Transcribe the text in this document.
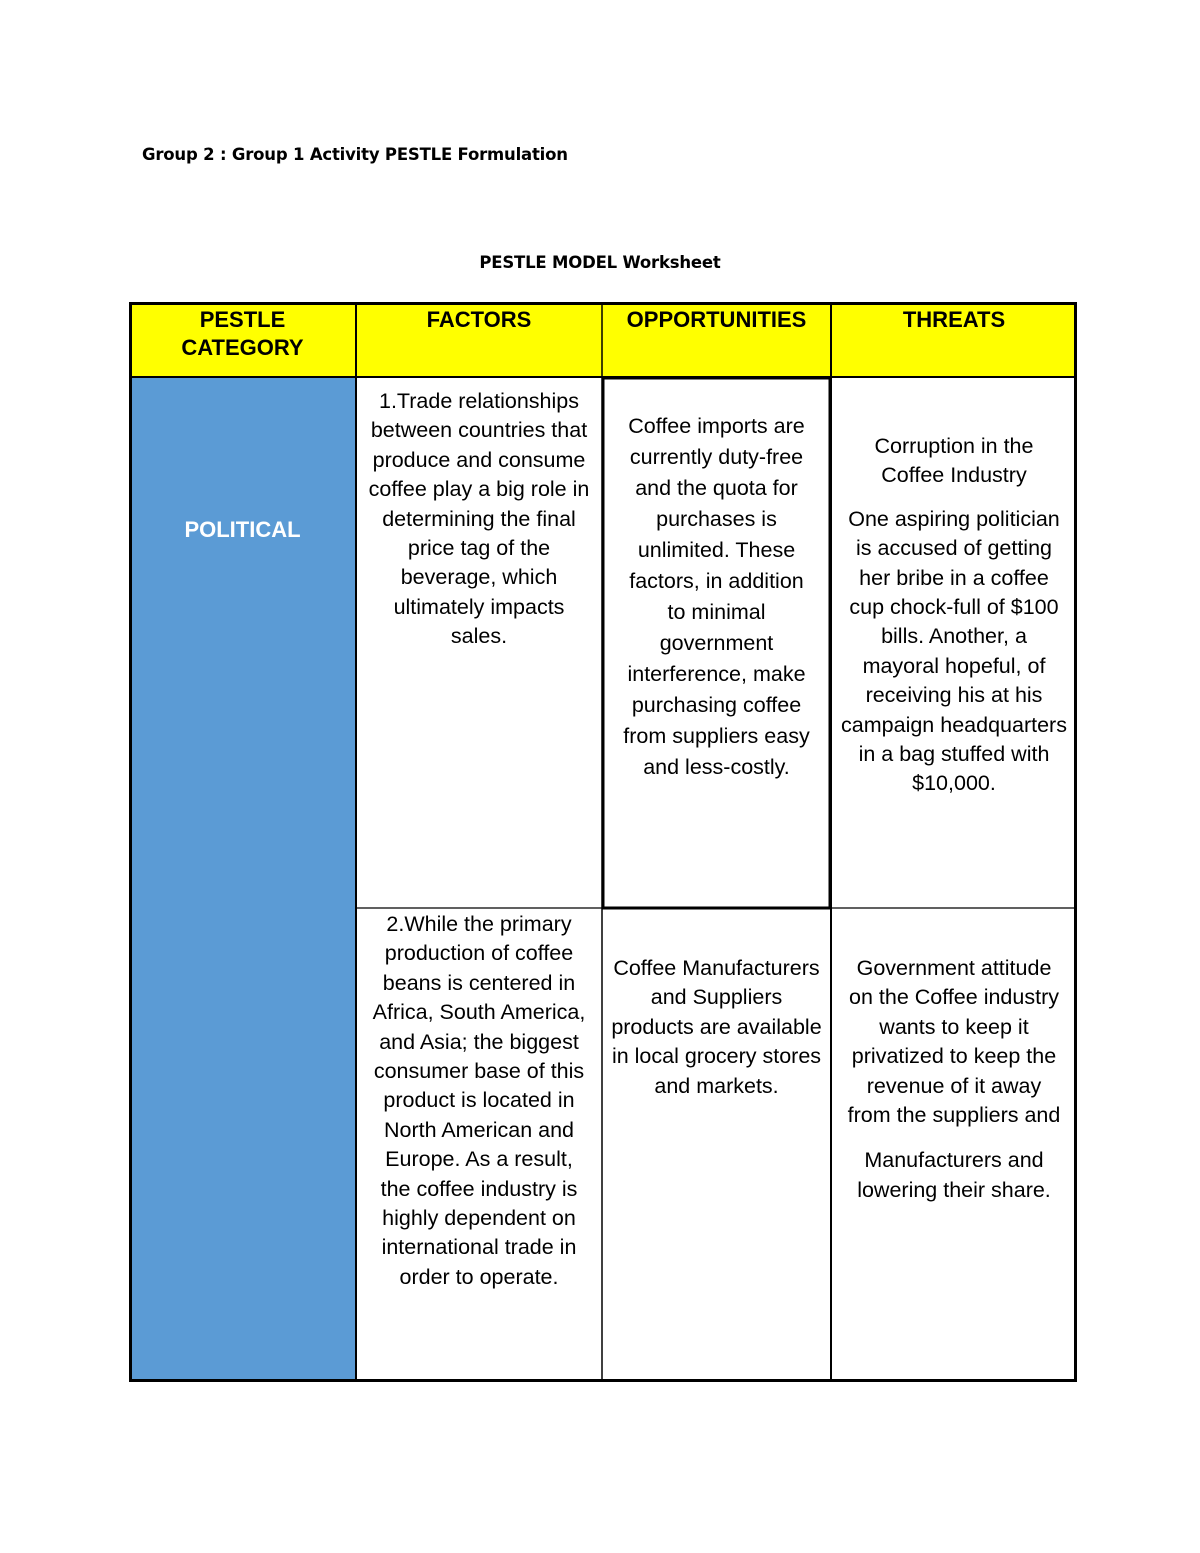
Group 2 : Group 1 Activity PESTLE Formulation
PESTLE MODEL Worksheet
PESTLE CATEGORY
FACTORS	OPPORTUNITIES	THREATS
POLITICAL
1.Trade relationships between countries that produce and consume coffee play a big role in determining the final price tag of the beverage, which ultimately impacts sales.
Coffee imports are currently duty-free and the quota for purchases is unlimited. These factors, in addition to minimal government interference, make purchasing coffee from suppliers easy and less-costly.
Corruption in the Coffee Industry
One aspiring politician is accused of getting her bribe in a coffee cup chock-full of $100 bills. Another, a mayoral hopeful, of receiving his at his campaign headquarters in a bag stuffed with $10,000.
2.While the primary production of coffee beans is centered in Africa, South America, and Asia; the biggest consumer base of this product is located in North American and Europe. As a result, the coffee industry is highly dependent on international trade in order to operate.
Coffee Manufacturers and Suppliers products are available in local grocery stores and markets.
Government attitude on the Coffee industry wants to keep it privatized to keep the revenue of it away from the suppliers and
Manufacturers and lowering their share.
